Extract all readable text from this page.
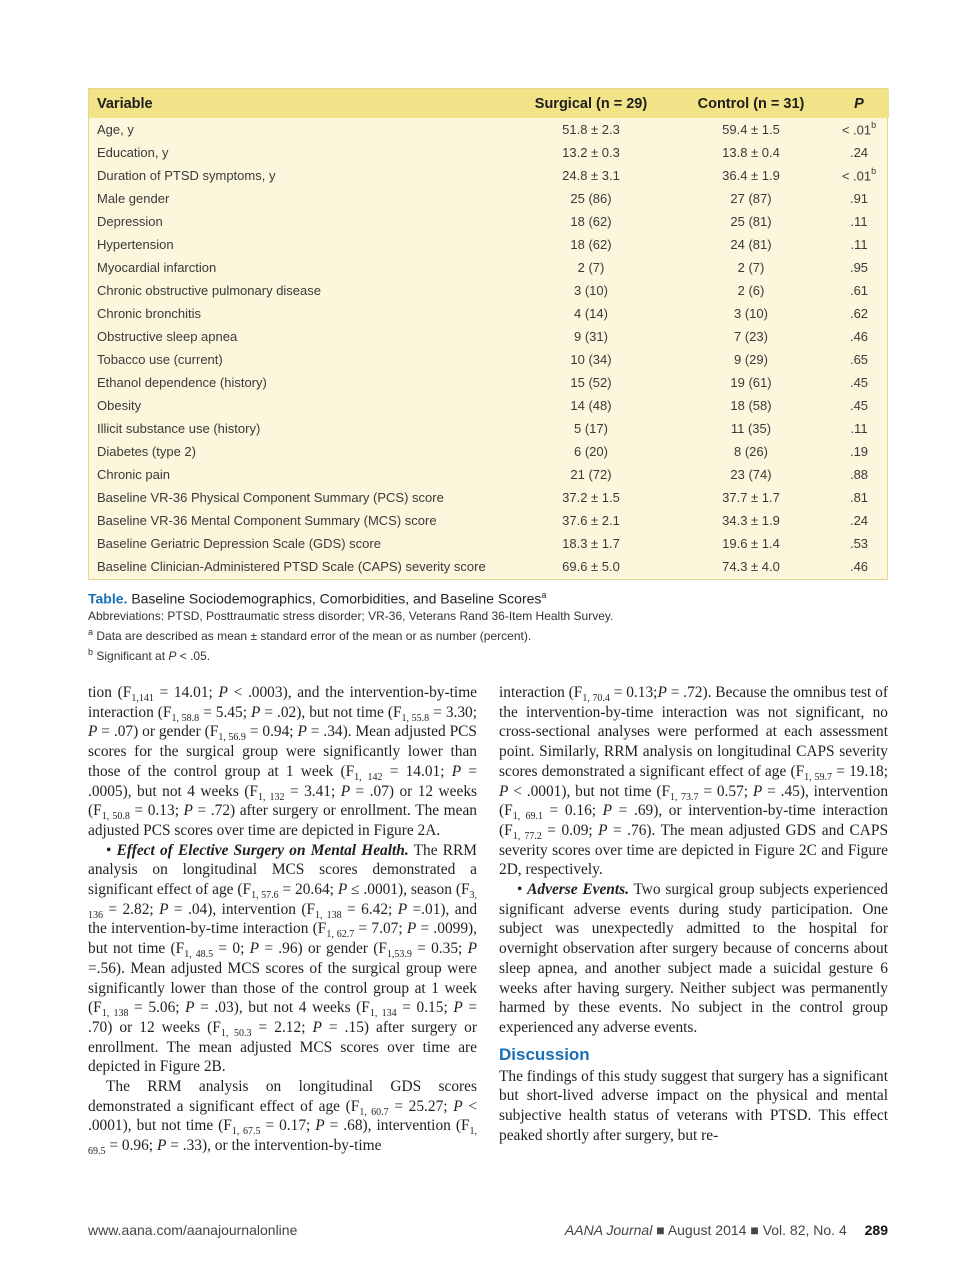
Variable	Surgical (n = 29)	Control (n = 31)	P
Age, y	51.8 ± 2.3	59.4 ± 1.5	< .01$^b$
Education, y	13.2 ± 0.3	13.8 ± 0.4	.24
Duration of PTSD symptoms, y	24.8 ± 3.1	36.4 ± 1.9	< .01$^b$
Male gender	25 (86)	27 (87)	.91
Depression	18 (62)	25 (81)	.11
Hypertension	18 (62)	24 (81)	.11
Myocardial infarction	2 (7)	2 (7)	.95
Chronic obstructive pulmonary disease	3 (10)	2 (6)	.61
Chronic bronchitis	4 (14)	3 (10)	.62
Obstructive sleep apnea	9 (31)	7 (23)	.46
Tobacco use (current)	10 (34)	9 (29)	.65
Ethanol dependence (history)	15 (52)	19 (61)	.45
Obesity	14 (48)	18 (58)	.45
Illicit substance use (history)	5 (17)	11 (35)	.11
Diabetes (type 2)	6 (20)	8 (26)	.19
Chronic pain	21 (72)	23 (74)	.88
Baseline VR-36 Physical Component Summary (PCS) score	37.2 ± 1.5	37.7 ± 1.7	.81
Baseline VR-36 Mental Component Summary (MCS) score	37.6 ± 2.1	34.3 ± 1.9	.24
Baseline Geriatric Depression Scale (GDS) score	18.3 ± 1.7	19.6 ± 1.4	.53
Baseline Clinician-Administered PTSD Scale (CAPS) severity score	69.6 ± 5.0	74.3 ± 4.0	.46
Table. Baseline Sociodemographics, Comorbidities, and Baseline Scores$^a$
Abbreviations: PTSD, Posttraumatic stress disorder; VR-36, Veterans Rand 36-Item Health Survey.
$^a$ Data are described as mean ± standard error of the mean or as number (percent).
$^b$ Significant at P < .05.

tion ($F_{1,141} = 14.01$; P < .0003), and the intervention-by-time interaction ($F_{1, 58.8} = 5.45$; P = .02), but not time ($F_{1, 55.8} = 3.30$; P = .07) or gender ($F_{1, 56.9} = 0.94$; P = .34). Mean adjusted PCS scores for the surgical group were significantly lower than those of the control group at 1 week ($F_{1, 142} = 14.01$; P = .0005), but not 4 weeks ($F_{1, 132} = 3.41$; P = .07) or 12 weeks ($F_{1, 50.8} = 0.13$; P = .72) after surgery or enrollment. The mean adjusted PCS scores over time are depicted in Figure 2A.

• Effect of Elective Surgery on Mental Health. The RRM analysis on longitudinal MCS scores demonstrated a significant effect of age ($F_{1, 57.6} = 20.64$; P ≤ .0001), season ($F_{3, 136} = 2.82$; P = .04), intervention ($F_{1, 138} = 6.42$; P =.01), and the intervention-by-time interaction ($F_{1, 62.7} = 7.07$; P = .0099), but not time ($F_{1, 48.5} = 0$; P = .96) or gender ($F_{1,53.9} = 0.35$; P =.56). Mean adjusted MCS scores of the surgical group were significantly lower than those of the control group at 1 week ($F_{1, 138} = 5.06$; P = .03), but not 4 weeks ($F_{1, 134} = 0.15$; P = .70) or 12 weeks ($F_{1, 50.3} = 2.12$; P = .15) after surgery or enrollment. The mean adjusted MCS scores over time are depicted in Figure 2B.

The RRM analysis on longitudinal GDS scores demonstrated a significant effect of age ($F_{1, 60.7} = 25.27$; P < .0001), but not time ($F_{1, 67.5} = 0.17$; P = .68), intervention ($F_{1, 69.5} = 0.96$; P = .33), or the intervention-by-time

interaction ($F_{1, 70.4}$ = 0.13;P = .72). Because the omnibus test of the intervention-by-time interaction was not significant, no cross-sectional analyses were performed at each assessment point. Similarly, RRM analysis on longitudinal CAPS severity scores demonstrated a significant effect of age ($F_{1, 59.7} = 19.18$; P < .0001), but not time ($F_{1, 73.7} = 0.57$; P = .45), intervention ($F_{1, 69.1} = 0.16$; P = .69), or intervention-by-time interaction ($F_{1, 77.2} = 0.09$; P = .76). The mean adjusted GDS and CAPS severity scores over time are depicted in Figure 2C and Figure 2D, respectively.

• Adverse Events. Two surgical group subjects experienced significant adverse events during study participation. One subject was unexpectedly admitted to the hospital for overnight observation after surgery because of concerns about sleep apnea, and another subject made a suicidal gesture 6 weeks after having surgery. Neither subject was permanently harmed by these events. No subject in the control group experienced any adverse events.

Discussion

The findings of this study suggest that surgery has a significant but short-lived adverse impact on the physical and mental subjective health status of veterans with PTSD. This effect peaked shortly after surgery, but re-

www.aana.com/aanajournalonline	AANA Journal ■ August 2014 ■ Vol. 82, No. 4 289
